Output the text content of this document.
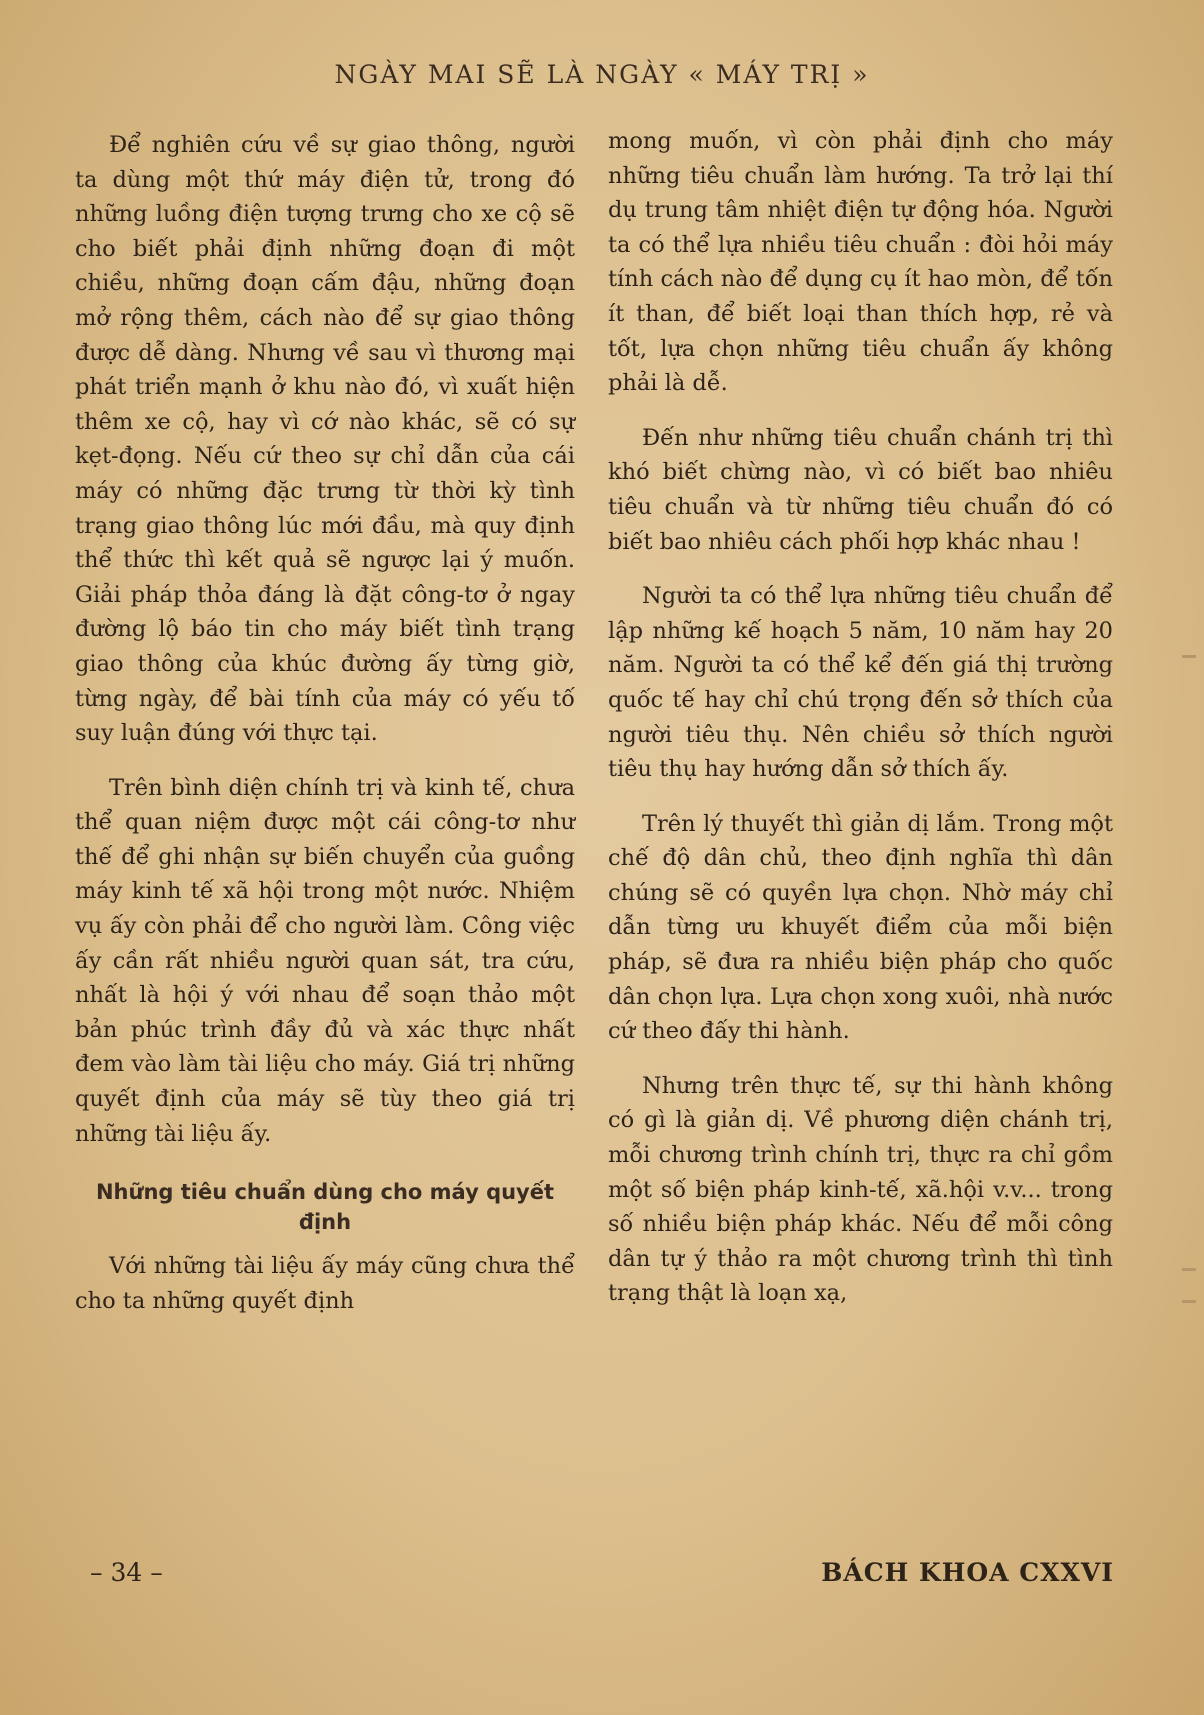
NGÀY MAI SẼ LÀ NGÀY « MÁY TRỊ »

Để nghiên cứu về sự giao thông, người ta dùng một thứ máy điện tử, trong đó những luồng điện tượng trưng cho xe cộ sẽ cho biết phải định những đoạn đi một chiều, những đoạn cấm đậu, những đoạn mở rộng thêm, cách nào để sự giao thông được dễ dàng. Nhưng về sau vì thương mại phát triển mạnh ở khu nào đó, vì xuất hiện thêm xe cộ, hay vì cớ nào khác, sẽ có sự kẹt-đọng. Nếu cứ theo sự chỉ dẫn của cái máy có những đặc trưng từ thời kỳ tình trạng giao thông lúc mới đầu, mà quy định thể thức thì kết quả sẽ ngược lại ý muốn. Giải pháp thỏa đáng là đặt công-tơ ở ngay đường lộ báo tin cho máy biết tình trạng giao thông của khúc đường ấy từng giờ, từng ngày, để bài tính của máy có yếu tố suy luận đúng với thực tại.

Trên bình diện chính trị và kinh tế, chưa thể quan niệm được một cái công-tơ như thế để ghi nhận sự biến chuyển của guồng máy kinh tế xã hội trong một nước. Nhiệm vụ ấy còn phải để cho người làm. Công việc ấy cần rất nhiều người quan sát, tra cứu, nhất là hội ý với nhau để soạn thảo một bản phúc trình đầy đủ và xác thực nhất đem vào làm tài liệu cho máy. Giá trị những quyết định của máy sẽ tùy theo giá trị những tài liệu ấy.

Những tiêu chuẩn dùng cho máy quyết định

Với những tài liệu ấy máy cũng chưa thể cho ta những quyết định

mong muốn, vì còn phải định cho máy những tiêu chuẩn làm hướng. Ta trở lại thí dụ trung tâm nhiệt điện tự động hóa. Người ta có thể lựa nhiều tiêu chuẩn : đòi hỏi máy tính cách nào để dụng cụ ít hao mòn, để tốn ít than, để biết loại than thích hợp, rẻ và tốt, lựa chọn những tiêu chuẩn ấy không phải là dễ.

Đến như những tiêu chuẩn chánh trị thì khó biết chừng nào, vì có biết bao nhiêu tiêu chuẩn và từ những tiêu chuẩn đó có biết bao nhiêu cách phối hợp khác nhau !

Người ta có thể lựa những tiêu chuẩn để lập những kế hoạch 5 năm, 10 năm hay 20 năm. Người ta có thể kể đến giá thị trường quốc tế hay chỉ chú trọng đến sở thích của người tiêu thụ. Nên chiều sở thích người tiêu thụ hay hướng dẫn sở thích ấy.

Trên lý thuyết thì giản dị lắm. Trong một chế độ dân chủ, theo định nghĩa thì dân chúng sẽ có quyền lựa chọn. Nhờ máy chỉ dẫn từng ưu khuyết điểm của mỗi biện pháp, sẽ đưa ra nhiều biện pháp cho quốc dân chọn lựa. Lựa chọn xong xuôi, nhà nước cứ theo đấy thi hành.

Nhưng trên thực tế, sự thi hành không có gì là giản dị. Về phương diện chánh trị, mỗi chương trình chính trị, thực ra chỉ gồm một số biện pháp kinh-tế, xã.hội v.v... trong số nhiều biện pháp khác. Nếu để mỗi công dân tự ý thảo ra một chương trình thì tình trạng thật là loạn xạ,

– 34 –	BÁCH KHOA CXXVI
